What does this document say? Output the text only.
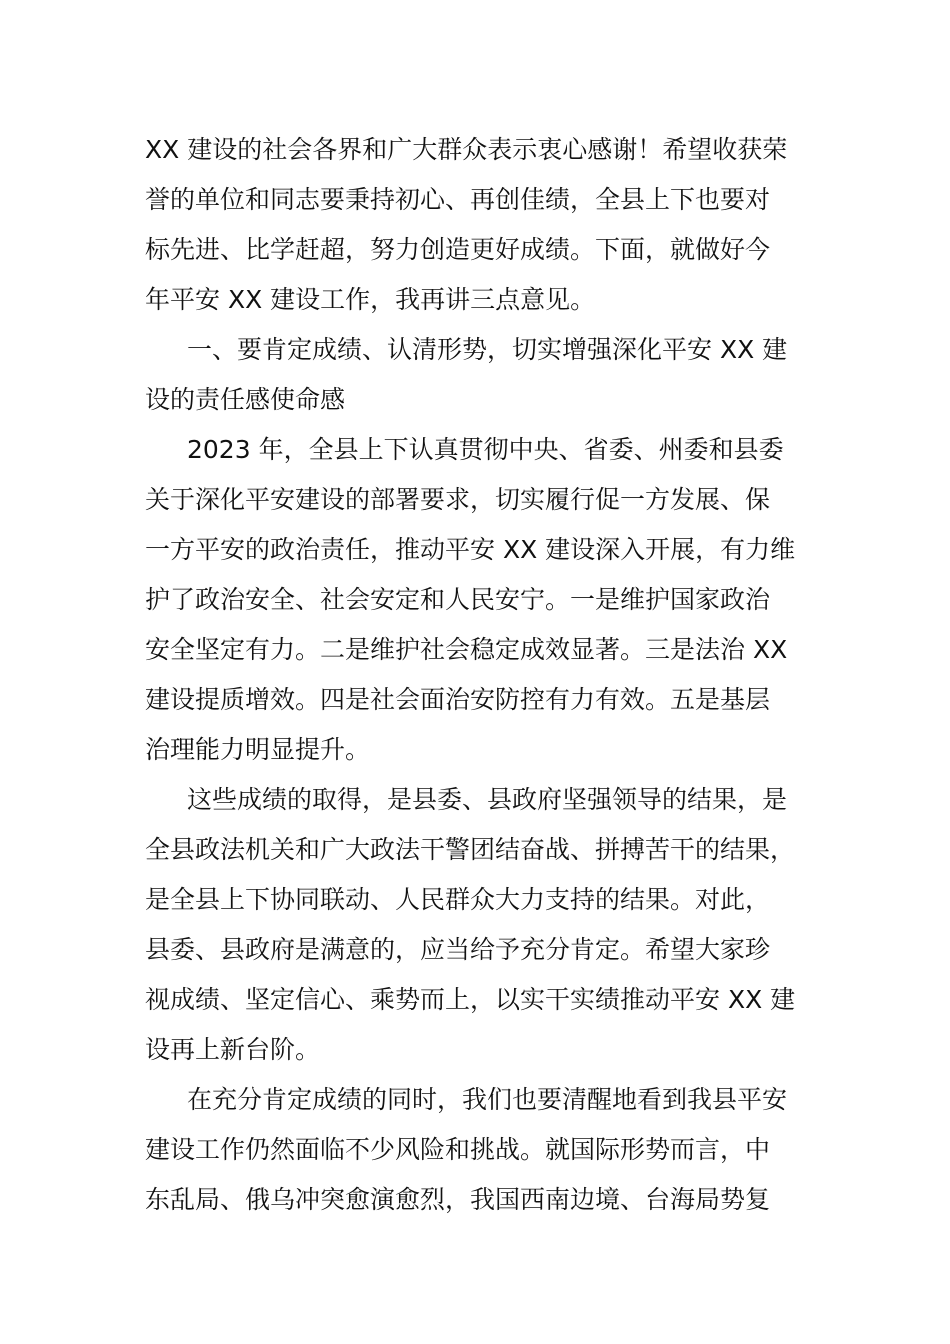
XX 建设的社会各界和广大群众表示衷心感谢！希望收获荣
誉的单位和同志要秉持初心、再创佳绩，全县上下也要对
标先进、比学赶超，努力创造更好成绩。下面，就做好今
年平安 XX 建设工作，我再讲三点意见。
一、要肯定成绩、认清形势，切实增强深化平安 XX 建
设的责任感使命感
2023 年，全县上下认真贯彻中央、省委、州委和县委
关于深化平安建设的部署要求，切实履行促一方发展、保
一方平安的政治责任，推动平安 XX 建设深入开展，有力维
护了政治安全、社会安定和人民安宁。一是维护国家政治
安全坚定有力。二是维护社会稳定成效显著。三是法治 XX
建设提质增效。四是社会面治安防控有力有效。五是基层
治理能力明显提升。
这些成绩的取得，是县委、县政府坚强领导的结果，是
全县政法机关和广大政法干警团结奋战、拼搏苦干的结果，
是全县上下协同联动、人民群众大力支持的结果。对此，
县委、县政府是满意的，应当给予充分肯定。希望大家珍
视成绩、坚定信心、乘势而上，以实干实绩推动平安 XX 建
设再上新台阶。
在充分肯定成绩的同时，我们也要清醒地看到我县平安
建设工作仍然面临不少风险和挑战。就国际形势而言，中
东乱局、俄乌冲突愈演愈烈，我国西南边境、台海局势复
